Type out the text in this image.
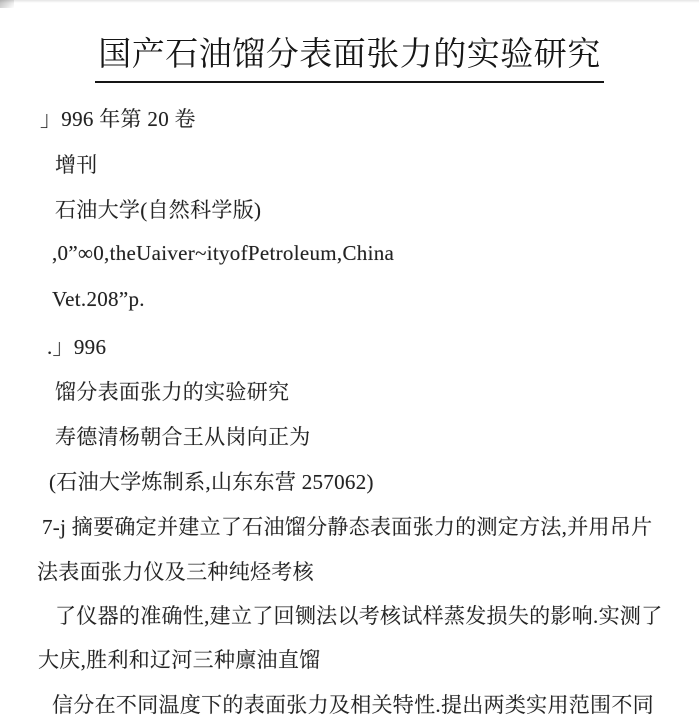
国产石油馏分表面张力的实验研究
」996 年第 20 卷
增刊
石油大学(自然科学版)
,0”∞0,theUaiver~ityofPetroleum,China
Vet.208”p.
.」996
馏分表面张力的实验研究
寿德清杨朝合王从岗向正为
(石油大学炼制系,山东东营 257062)
7-j 摘要确定并建立了石油馏分静态表面张力的测定方法,并用吊片
法表面张力仪及三种纯烃考核
了仪器的准确性,建立了回铡法以考核试样蒸发损失的影响.实测了
大庆,胜利和辽河三种廪油直馏
信分在不同温度下的表面张力及相关特性.提出两类实用范围不同
